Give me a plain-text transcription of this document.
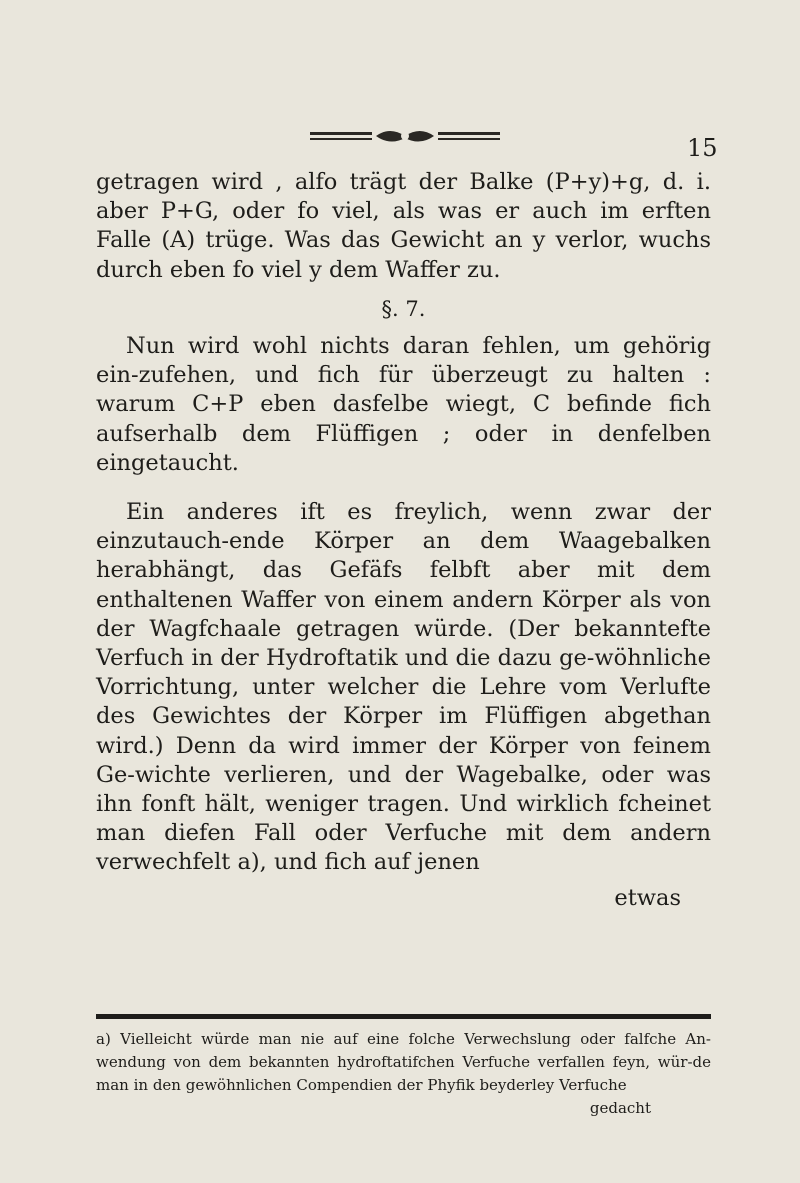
15

getragen wird , alfo trägt der Balke (P+y)+g, d. i. aber P+G, oder fo viel, als was er auch im erften Falle (A) trüge. Was das Gewicht an y verlor, wuchs durch eben fo viel y dem Waffer zu.

§. 7.

Nun wird wohl nichts daran fehlen, um gehörig ein-zufehen, und fich für überzeugt zu halten : warum C+P eben dasfelbe wiegt, C befinde fich aufserhalb dem Flüffigen ; oder in denfelben eingetaucht.

Ein anderes ift es freylich, wenn zwar der einzutauch-ende Körper an dem Waagebalken herabhängt, das Gefäfs felbft aber mit dem enthaltenen Waffer von einem andern Körper als von der Wagfchaale getragen würde. (Der bekanntefte Verfuch in der Hydroftatik und die dazu ge-wöhnliche Vorrichtung, unter welcher die Lehre vom Verlufte des Gewichtes der Körper im Flüffigen abgethan wird.) Denn da wird immer der Körper von feinem Ge-wichte verlieren, und der Wagebalke, oder was ihn fonft hält, weniger tragen. Und wirklich fcheinet man diefen Fall oder Verfuche mit dem andern verwechfelt a), und fich auf jenen

etwas

a) Vielleicht würde man nie auf eine folche Verwechslung oder falfche An-wendung von dem bekannten hydroftatifchen Verfuche verfallen feyn, wür-de man in den gewöhnlichen Compendien der Phyfik beyderley Verfuche

gedacht
